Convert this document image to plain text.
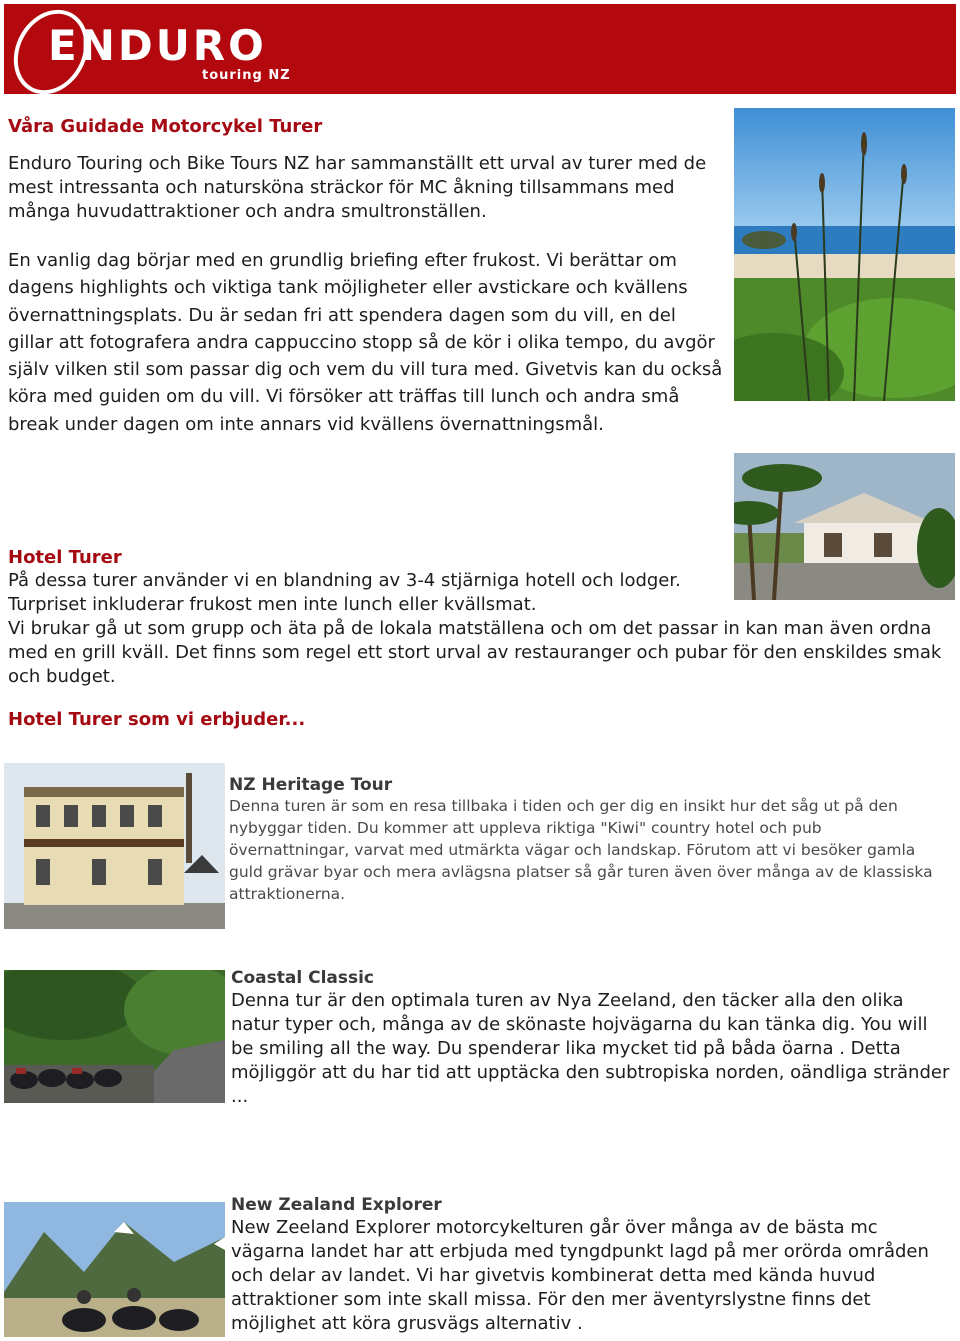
ENDURO
touring NZ
Våra Guidade Motorcykel Turer

Enduro Touring och Bike Tours NZ har sammanställt ett urval av turer med de mest intressanta och natursköna sträckor för MC åkning tillsammans med många huvudattraktioner och andra smultronställen.

En vanlig dag börjar med en grundlig briefing efter frukost. Vi berättar om dagens highlights och viktiga tank möjligheter eller avstickare och kvällens övernattningsplats. Du är sedan fri att spendera dagen som du vill, en del gillar att fotografera andra cappuccino stopp så de kör i olika tempo, du avgör själv vilken stil som passar dig och vem du vill tura med. Givetvis kan du också köra med guiden om du vill. Vi försöker att träffas till lunch och andra små break under dagen om inte annars vid kvällens övernattningsmål.

Hotel Turer

På dessa turer använder vi en blandning av 3-4 stjärniga hotell och lodger. Turpriset inkluderar frukost men inte lunch eller kvällsmat.

Vi brukar gå ut som grupp och äta på de lokala matställena och om det passar in kan man även ordna med en grill kväll. Det finns som regel ett stort urval av restauranger och pubar för den enskildes smak och budget.

Hotel Turer som vi erbjuder...
NZ Heritage Tour

Denna turen är som en resa tillbaka i tiden och ger dig en insikt hur det såg ut på den nybyggar tiden. Du kommer att uppleva riktiga "Kiwi" country hotel och pub övernattningar, varvat med utmärkta vägar och landskap. Förutom att vi besöker gamla guld grävar byar och mera avlägsna platser så går turen även över många av de klassiska attraktionerna.

Coastal Classic

Denna tur är den optimala turen av Nya Zeeland, den täcker alla den olika natur typer och, många av de skönaste hojvägarna du kan tänka dig. You will be smiling all the way. Du spenderar lika mycket tid på båda öarna . Detta möjliggör att du har tid att upptäcka den subtropiska norden, oändliga stränder ...

New Zealand Explorer

New Zeeland Explorer motorcykelturen går över många av de bästa mc vägarna landet har att erbjuda med tyngdpunkt lagd på mer orörda områden och delar av landet. Vi har givetvis kombinerat detta med kända huvud attraktioner som inte skall missa. För den mer äventyrslystne finns det möjlighet att köra grusvägs alternativ .
